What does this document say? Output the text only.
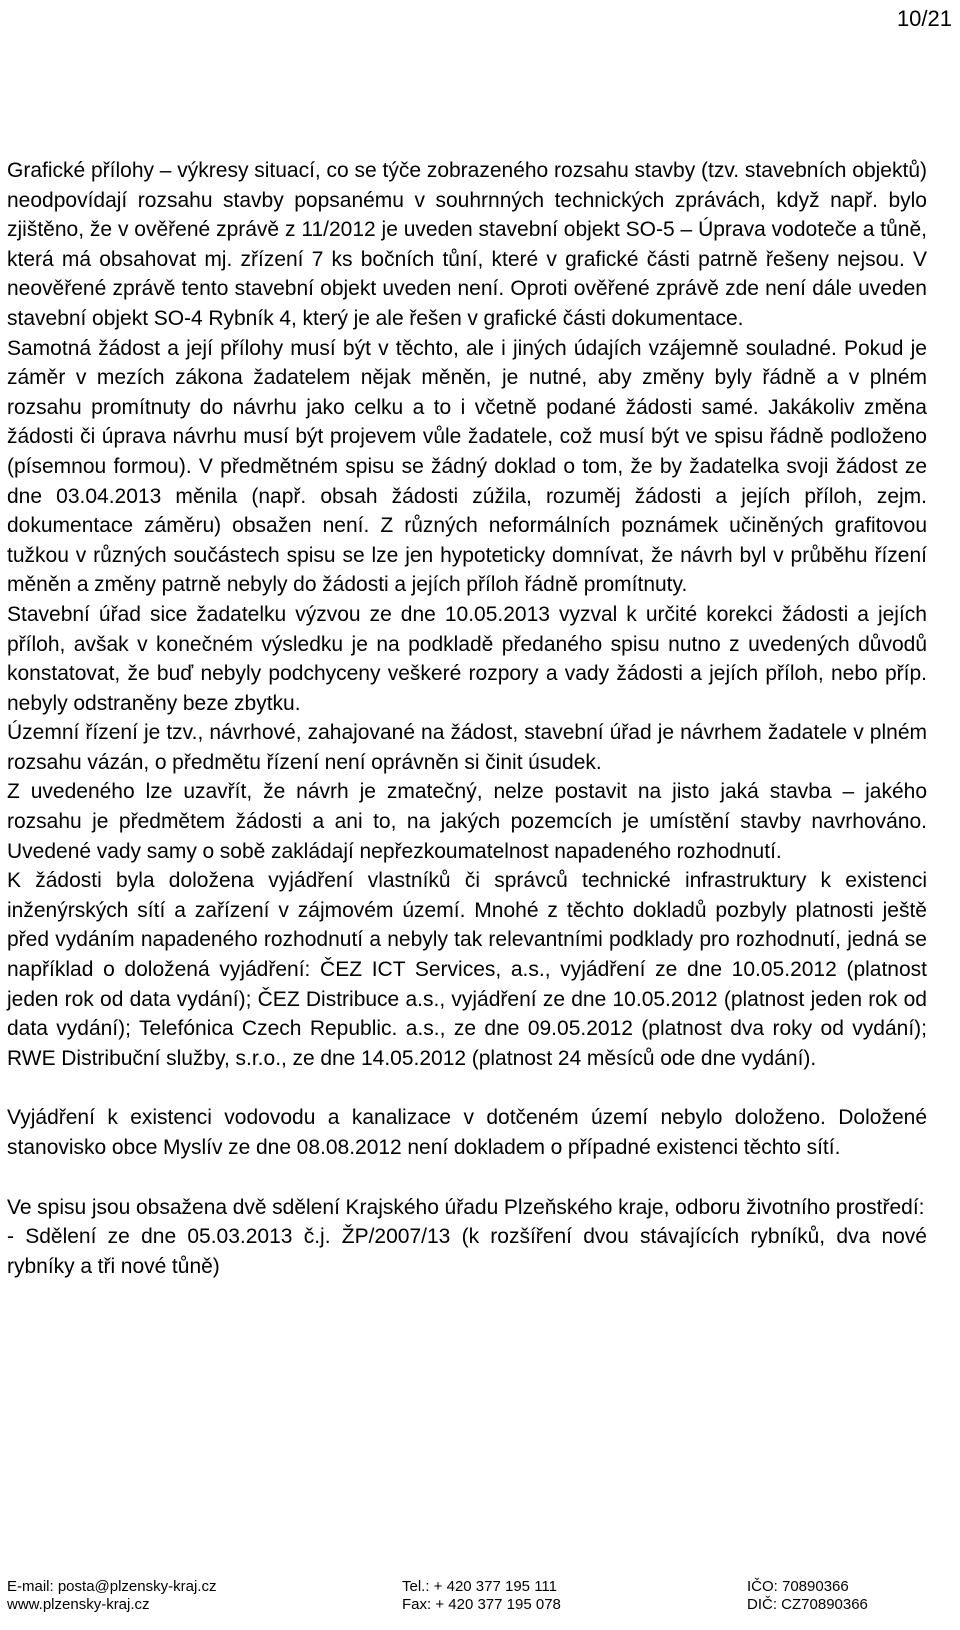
10/21

Grafické přílohy – výkresy situací, co se týče zobrazeného rozsahu stavby (tzv. stavebních objektů) neodpovídají rozsahu stavby popsanému v souhrnných technických zprávách, když např. bylo zjištěno, že v ověřené zprávě z 11/2012 je uveden stavební objekt SO-5 – Úprava vodoteče a tůně, která má obsahovat mj. zřízení 7 ks bočních tůní, které v grafické části patrně řešeny nejsou. V neověřené zprávě tento stavební objekt uveden není. Oproti ověřené zprávě zde není dále uveden stavební objekt SO-4 Rybník 4, který je ale řešen v grafické části dokumentace.

Samotná žádost a její přílohy musí být v těchto, ale i jiných údajích vzájemně souladné. Pokud je záměr v mezích zákona žadatelem nějak měněn, je nutné, aby změny byly řádně a v plném rozsahu promítnuty do návrhu jako celku a to i včetně podané žádosti samé. Jakákoliv změna žádosti či úprava návrhu musí být projevem vůle žadatele, což musí být ve spisu řádně podloženo (písemnou formou). V předmětném spisu se žádný doklad o tom, že by žadatelka svoji žádost ze dne 03.04.2013 měnila (např. obsah žádosti zúžila, rozuměj žádosti a jejích příloh, zejm. dokumentace záměru) obsažen není. Z různých neformálních poznámek učiněných grafitovou tužkou v různých součástech spisu se lze jen hypoteticky domnívat, že návrh byl v průběhu řízení měněn a změny patrně nebyly do žádosti a jejích příloh řádně promítnuty.

Stavební úřad sice žadatelku výzvou ze dne 10.05.2013 vyzval k určité korekci žádosti a jejích příloh, avšak v konečném výsledku je na podkladě předaného spisu nutno z uvedených důvodů konstatovat, že buď nebyly podchyceny veškeré rozpory a vady žádosti a jejích příloh, nebo příp. nebyly odstraněny beze zbytku.

Územní řízení je tzv., návrhové, zahajované na žádost, stavební úřad je návrhem žadatele v plném rozsahu vázán, o předmětu řízení není oprávněn si činit úsudek.

Z uvedeného lze uzavřít, že návrh je zmatečný, nelze postavit na jisto jaká stavba – jakého rozsahu je předmětem žádosti a ani to, na jakých pozemcích je umístění stavby navrhováno. Uvedené vady samy o sobě zakládají nepřezkoumatelnost napadeného rozhodnutí.

K žádosti byla doložena vyjádření vlastníků či správců technické infrastruktury k existenci inženýrských sítí a zařízení v zájmovém území. Mnohé z těchto dokladů pozbyly platnosti ještě před vydáním napadeného rozhodnutí a nebyly tak relevantními podklady pro rozhodnutí, jedná se například o doložená vyjádření: ČEZ ICT Services, a.s., vyjádření ze dne 10.05.2012 (platnost jeden rok od data vydání); ČEZ Distribuce a.s., vyjádření ze dne 10.05.2012 (platnost jeden rok od data vydání); Telefónica Czech Republic. a.s., ze dne 09.05.2012 (platnost dva roky od vydání); RWE Distribuční služby, s.r.o., ze dne 14.05.2012 (platnost 24 měsíců ode dne vydání).

Vyjádření k existenci vodovodu a kanalizace v dotčeném území nebylo doloženo. Doložené stanovisko obce Myslív ze dne 08.08.2012 není dokladem o případné existenci těchto sítí.

Ve spisu jsou obsažena dvě sdělení Krajského úřadu Plzeňského kraje, odboru životního prostředí:

- Sdělení ze dne 05.03.2013 č.j. ŽP/2007/13 (k rozšíření dvou stávajících rybníků, dva nové rybníky a tři nové tůně)

E-mail: posta@plzensky-kraj.cz
www.plzensky-kraj.cz
Tel.: + 420 377 195 111
Fax: + 420 377 195 078
IČO: 70890366
DIČ: CZ70890366
